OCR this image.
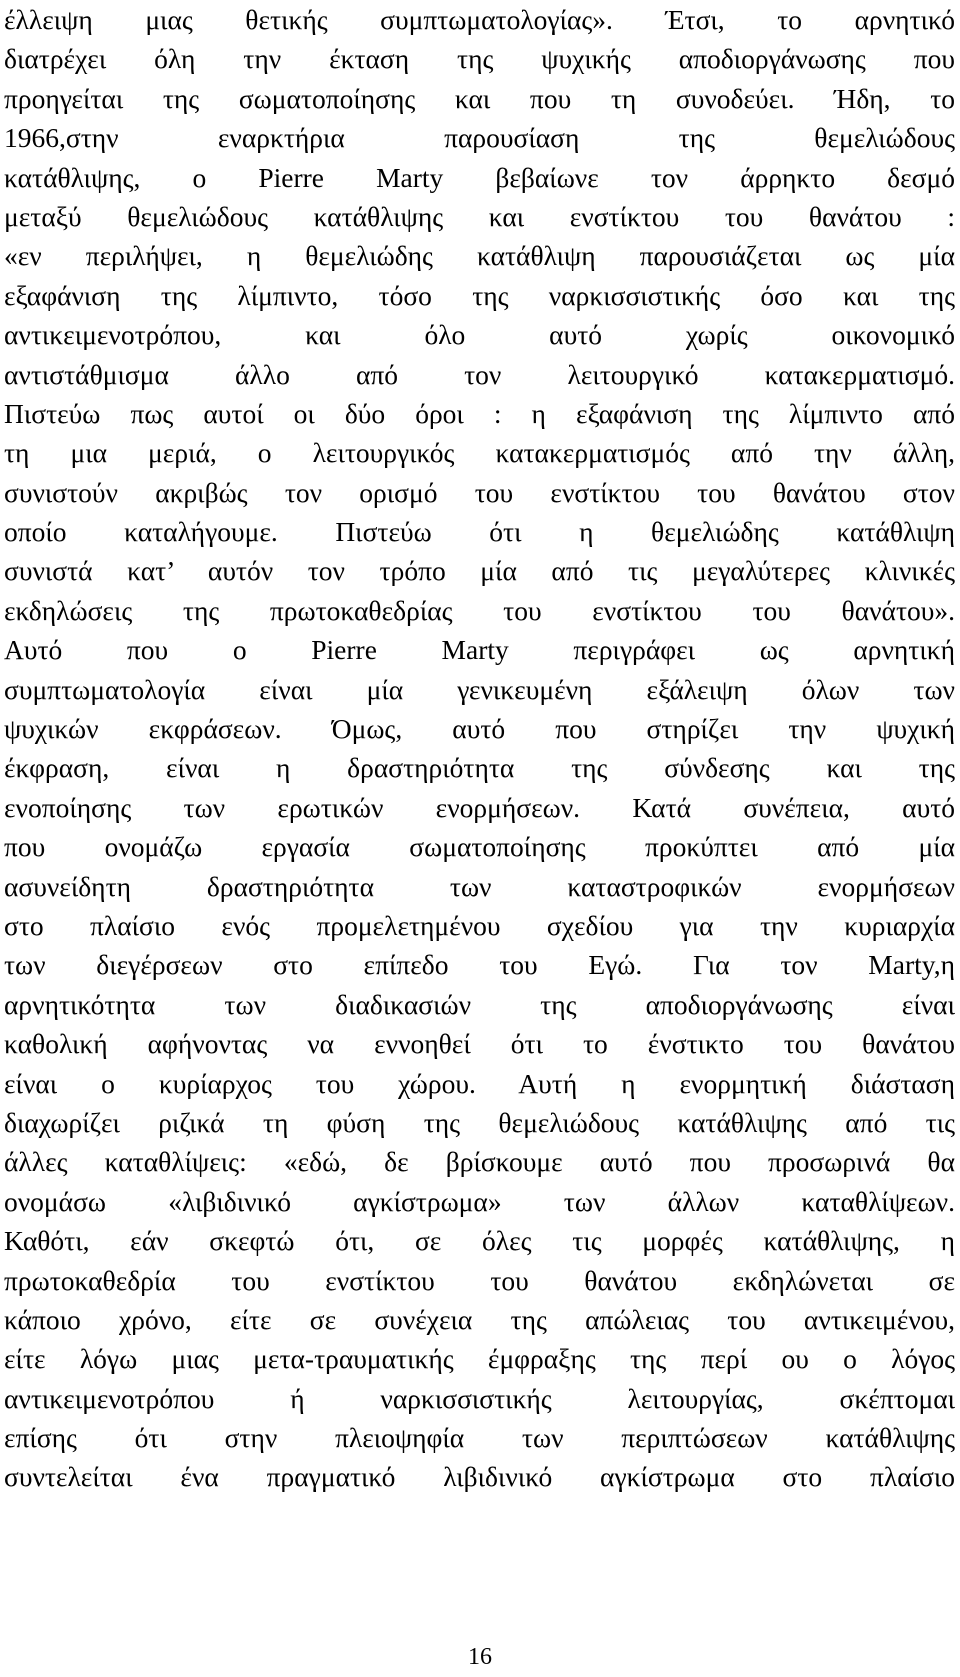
έλλειψη μιας θετικής συμπτωματολογίας». Έτσι, το αρνητικό
διατρέχει όλη την έκταση της ψυχικής αποδιοργάνωσης που
προηγείται της σωματοποίησης και που τη συνοδεύει. Ήδη, το
1966,στην εναρκτήρια παρουσίαση της θεμελιώδους
κατάθλιψης, ο Pierre Marty βεβαίωνε τον άρρηκτο δεσμό
μεταξύ θεμελιώδους κατάθλιψης και ενστίκτου του θανάτου :
«εν περιλήψει, η θεμελιώδης κατάθλιψη παρουσιάζεται ως μία
εξαφάνιση της λίμπιντο, τόσο της ναρκισσιστικής όσο και της
αντικειμενοτρόπου, και όλο αυτό χωρίς οικονομικό
αντιστάθμισμα άλλο από τον λειτουργικό κατακερματισμό.
Πιστεύω πως αυτοί οι δύο όροι : η εξαφάνιση της λίμπιντο από
τη μια μεριά, ο λειτουργικός κατακερματισμός από την άλλη,
συνιστούν ακριβώς τον ορισμό του ενστίκτου του θανάτου στον
οποίο καταλήγουμε. Πιστεύω ότι η θεμελιώδης κατάθλιψη
συνιστά κατ’ αυτόν τον τρόπο μία από τις μεγαλύτερες κλινικές
εκδηλώσεις της πρωτοκαθεδρίας του ενστίκτου του θανάτου».
Αυτό που ο Pierre Marty περιγράφει ως αρνητική
συμπτωματολογία είναι μία γενικευμένη εξάλειψη όλων των
ψυχικών εκφράσεων. Όμως, αυτό που στηρίζει την ψυχική
έκφραση, είναι η δραστηριότητα της σύνδεσης και της
ενοποίησης των ερωτικών ενορμήσεων. Κατά συνέπεια, αυτό
που ονομάζω εργασία σωματοποίησης προκύπτει από μία
ασυνείδητη δραστηριότητα των καταστροφικών ενορμήσεων
στο πλαίσιο ενός προμελετημένου σχεδίου για την κυριαρχία
των διεγέρσεων στο επίπεδο του Εγώ. Για τον Marty,η
αρνητικότητα των διαδικασιών της αποδιοργάνωσης είναι
καθολική αφήνοντας να εννοηθεί ότι το ένστικτο του θανάτου
είναι ο κυρίαρχος του χώρου. Αυτή η ενορμητική διάσταση
διαχωρίζει ριζικά τη φύση της θεμελιώδους κατάθλιψης από τις
άλλες καταθλίψεις: «εδώ, δε βρίσκουμε αυτό που προσωρινά θα
ονομάσω «λιβιδινικό αγκίστρωμα» των άλλων καταθλίψεων.
Καθότι, εάν σκεφτώ ότι, σε όλες τις μορφές κατάθλιψης, η
πρωτοκαθεδρία του ενστίκτου του θανάτου εκδηλώνεται σε
κάποιο χρόνο, είτε σε συνέχεια της απώλειας του αντικειμένου,
είτε λόγω μιας μετα-τραυματικής έμφραξης της περί ου ο λόγος
αντικειμενοτρόπου ή ναρκισσιστικής λειτουργίας, σκέπτομαι
επίσης ότι στην πλειοψηφία των περιπτώσεων κατάθλιψης
συντελείται ένα πραγματικό λιβιδινικό αγκίστρωμα στο πλαίσιο
16
